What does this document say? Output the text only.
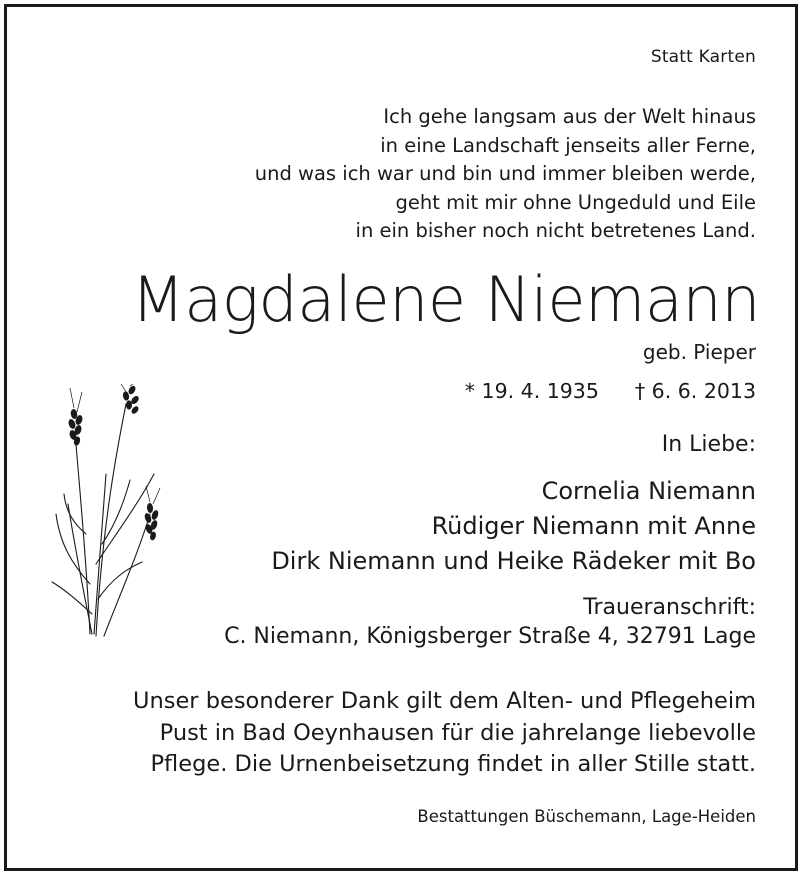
Statt Karten
Ich gehe langsam aus der Welt hinaus
in eine Landschaft jenseits aller Ferne,
und was ich war und bin und immer bleiben werde,
geht mit mir ohne Ungeduld und Eile
in ein bisher noch nicht betretenes Land.
Magdalene Niemann
geb. Pieper
* 19. 4. 1935 † 6. 6. 2013
In Liebe:
Cornelia Niemann
Rüdiger Niemann mit Anne
Dirk Niemann und Heike Rädeker mit Bo
Traueranschrift:
C. Niemann, Königsberger Straße 4, 32791 Lage
Unser besonderer Dank gilt dem Alten- und Pflegeheim
Pust in Bad Oeynhausen für die jahrelange liebevolle
Pflege. Die Urnenbeisetzung findet in aller Stille statt.
Bestattungen Büschemann, Lage-Heiden
